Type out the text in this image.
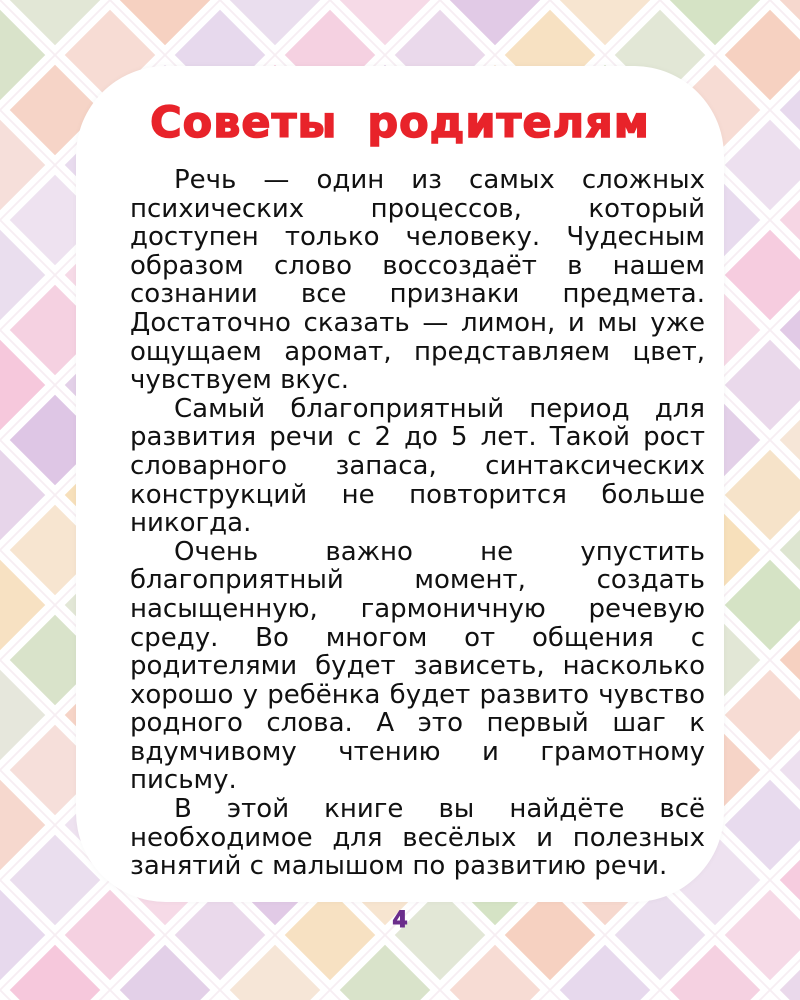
Советы родителям

Речь — один из самых сложных психических процессов, который доступен только человеку. Чудесным образом слово воссоздаёт в нашем сознании все признаки предмета. Достаточно сказать — лимон, и мы уже ощущаем аромат, представляем цвет, чувствуем вкус.

Самый благоприятный период для развития речи с 2 до 5 лет. Такой рост словарного запаса, синтаксических конструкций не повторится больше никогда.

Очень важно не упустить благоприятный момент, создать насыщенную, гармоничную речевую среду. Во многом от общения с родителями будет зависеть, насколько хорошо у ребёнка будет развито чувство родного слова. А это первый шаг к вдумчивому чтению и грамотному письму.

В этой книге вы найдёте всё необходимое для весёлых и полезных занятий с малышом по развитию речи.

4
